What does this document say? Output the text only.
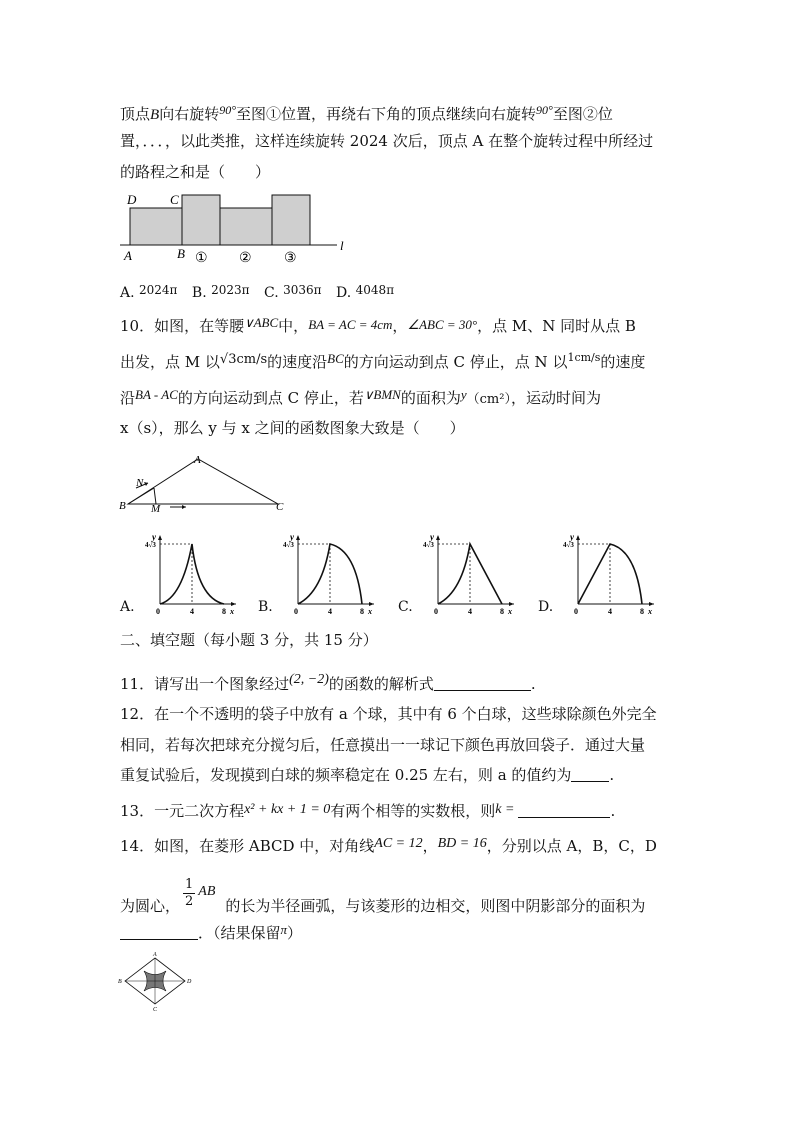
顶点B向右旋转$^{90^\circ}$至图①位置，再绕右下角的顶点继续向右旋转$^{90^\circ}$至图②位
置，．．．，以此类推，这样连续旋转 2024 次后，顶点 A 在整个旋转过程中所经过
的路程之和是（　　）
D	C
A	B
l
① ② ③
A. 2024π B. 2023π C. 3036π D. 4048π
10．如图，在等腰∨ABC中，BA = AC = 4cm，∠ABC = 30°，点 M、N 同时从点 B
出发，点 M 以√3cm/s的速度沿BC的方向运动到点 C 停止，点 N 以$^{1cm/s}$的速度
沿BA - AC的方向运动到点 C 停止，若∨BMN的面积为y（cm²），运动时间为
x（s），那么 y 与 x 之间的函数图象大致是（　　）
A
B	C
N
M
y
4√3
0	4	8 x
A.
y
4√3
0	4	8 x
B.
y
4√3
0	4	8 x
C.
y
4√3
0	4	8 x
D.
二、填空题（每小题 3 分，共 15 分）
11．请写出一个图象经过(2, −2)的函数的解析式	.
12．在一个不透明的袋子中放有 a 个球，其中有 6 个白球，这些球除颜色外完全
相同，若每次把球充分搅匀后，任意摸出一一球记下颜色再放回袋子．通过大量
重复试验后，发现摸到白球的频率稳定在 0.25 左右，则 a 的值约为	.
13．一元二次方程x² + kx + 1 = 0有两个相等的实数根，则k =	.
14．如图，在菱形 ABCD 中，对角线AC = 12，BD = 16，分别以点 A，B，C，D
为圆心， $\frac{1}{2}$ AB的长为半径画弧，与该菱形的边相交，则图中阴影部分的面积为
．（结果保留π）
A
B
C
D
